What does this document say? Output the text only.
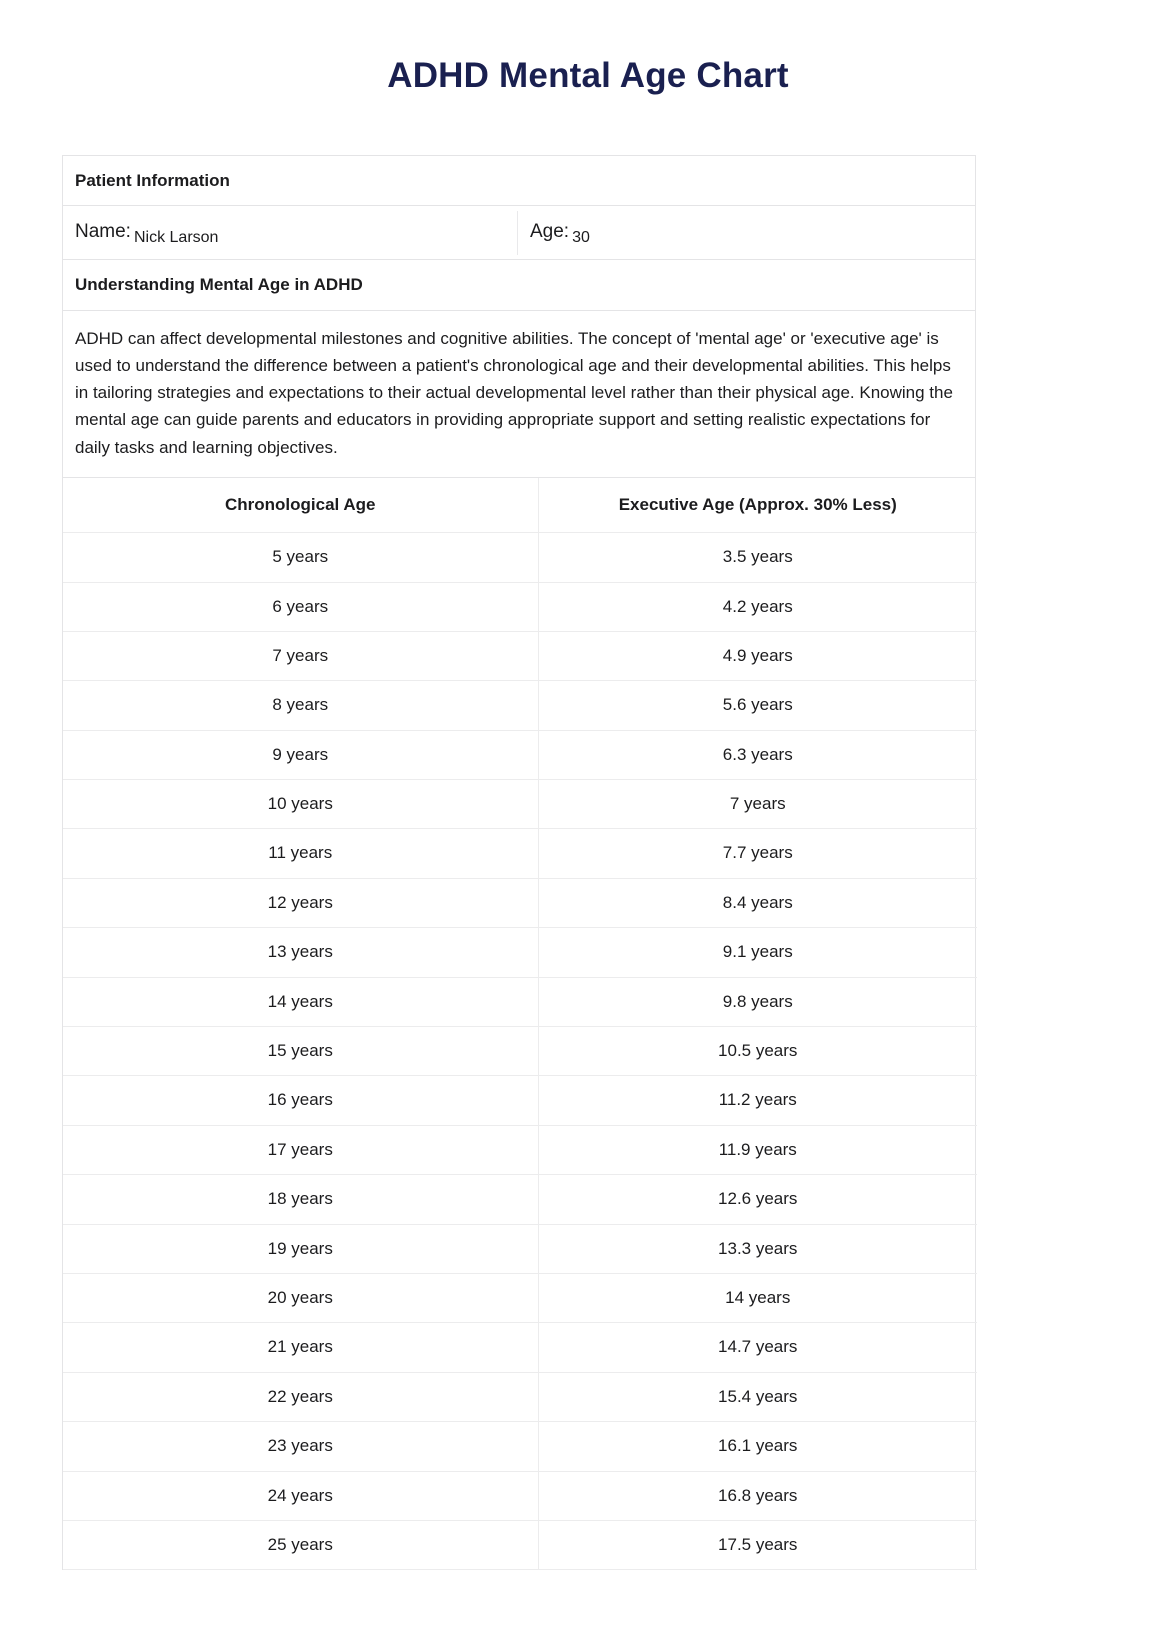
ADHD Mental Age Chart
Patient Information
Name: Nick Larson	Age: 30
Understanding Mental Age in ADHD
ADHD can affect developmental milestones and cognitive abilities. The concept of 'mental age' or 'executive age' is used to understand the difference between a patient's chronological age and their developmental abilities. This helps in tailoring strategies and expectations to their actual developmental level rather than their physical age. Knowing the mental age can guide parents and educators in providing appropriate support and setting realistic expectations for daily tasks and learning objectives.
Chronological Age	Executive Age (Approx. 30% Less)
5 years	3.5 years
6 years	4.2 years
7 years	4.9 years
8 years	5.6 years
9 years	6.3 years
10 years	7 years
11 years	7.7 years
12 years	8.4 years
13 years	9.1 years
14 years	9.8 years
15 years	10.5 years
16 years	11.2 years
17 years	11.9 years
18 years	12.6 years
19 years	13.3 years
20 years	14 years
21 years	14.7 years
22 years	15.4 years
23 years	16.1 years
24 years	16.8 years
25 years	17.5 years
